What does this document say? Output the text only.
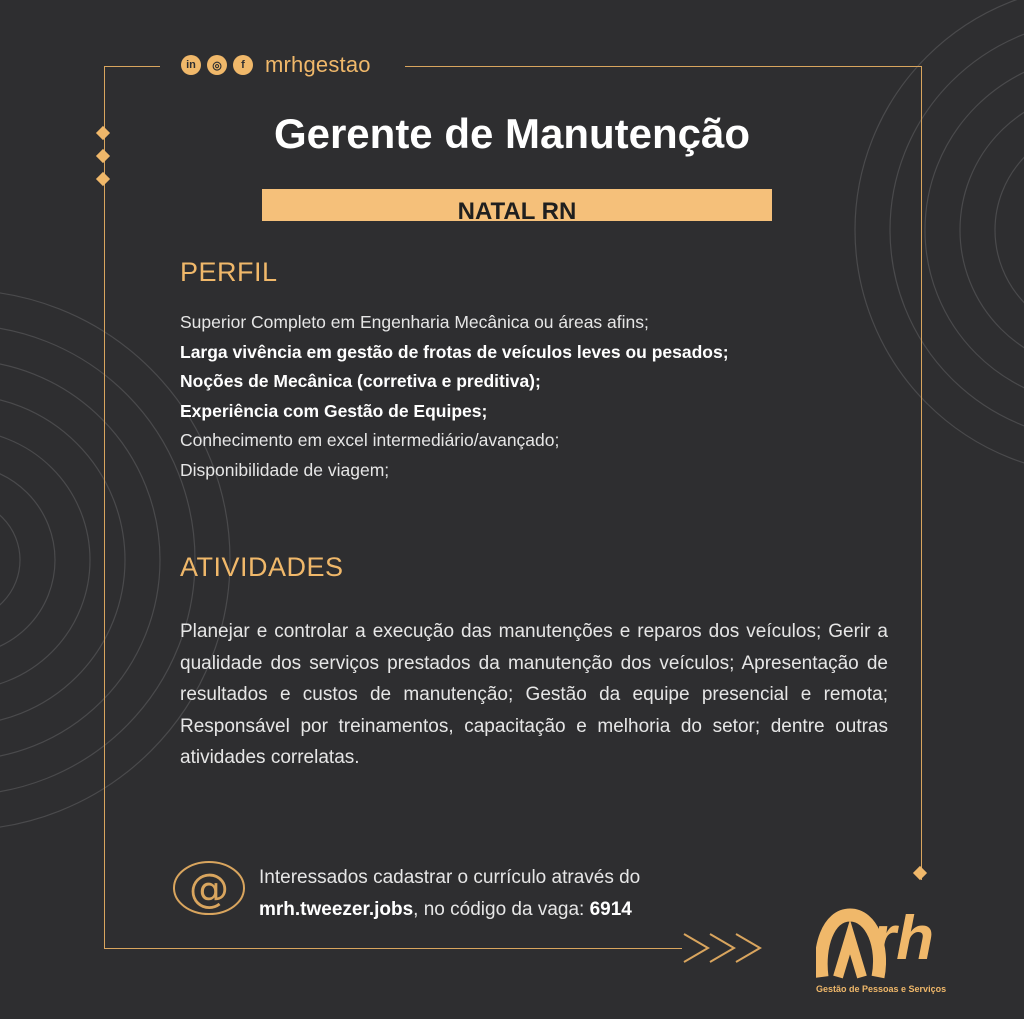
in	◎	f mrhgestao
Gerente de Manutenção
NATAL RN
PERFIL
Superior Completo em Engenharia Mecânica ou áreas afins;
Larga vivência em gestão de frotas de veículos leves ou pesados;
Noções de Mecânica (corretiva e preditiva);
Experiência com Gestão de Equipes;
Conhecimento em excel intermediário/avançado;
Disponibilidade de viagem;
ATIVIDADES
Planejar e controlar a execução das manutenções e reparos dos veículos; Gerir a qualidade dos serviços prestados da manutenção dos veículos; Apresentação de resultados e custos de manutenção; Gestão da equipe presencial e remota; Responsável por treinamentos, capacitação e melhoria do setor; dentre outras atividades correlatas.
@ Interessados cadastrar o currículo através do
mrh.tweezer.jobs, no código da vaga: 6914	rh
Gestão de Pessoas e Serviços
